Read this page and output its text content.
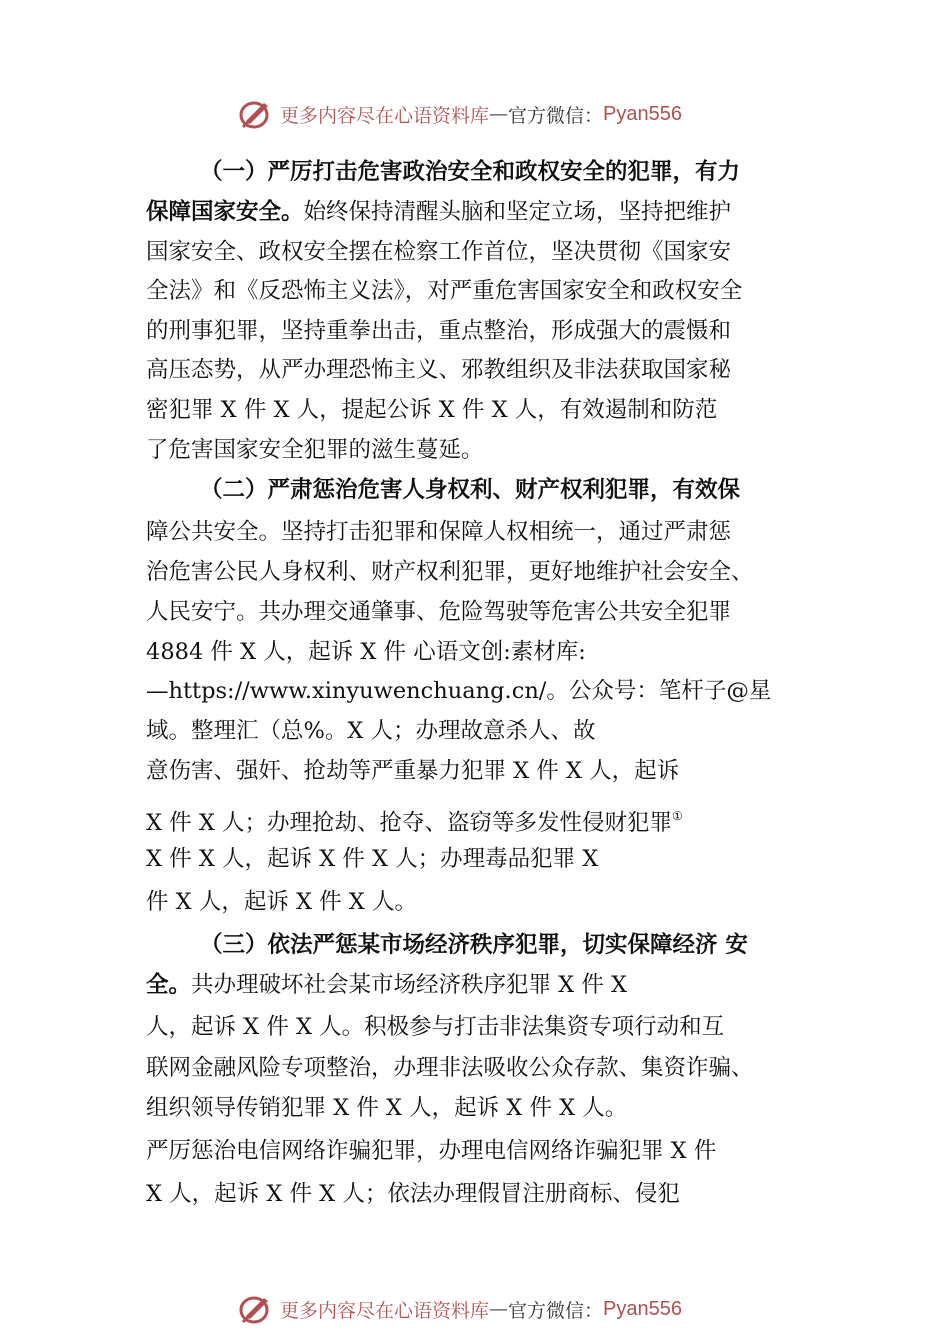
更多内容尽在心语资料库 — 官方微信： Pyan556
（一）严厉打击危害政治安全和政权安全的犯罪，有力
保障国家安全。始终保持清醒头脑和坚定立场，坚持把维护
国家安全、政权安全摆在检察工作首位，坚决贯彻《国家安
全法》和《反恐怖主义法》，对严重危害国家安全和政权安全
的刑事犯罪，坚持重拳出击，重点整治，形成强大的震慑和
高压态势，从严办理恐怖主义、邪教组织及非法获取国家秘
密犯罪 X 件 X 人，提起公诉 X 件 X 人，有效遏制和防范
了危害国家安全犯罪的滋生蔓延。
（二）严肃惩治危害人身权利、财产权利犯罪，有效保
障公共安全。坚持打击犯罪和保障人权相统一，通过严肃惩
治危害公民人身权利、财产权利犯罪，更好地维护社会安全、
人民安宁。共办理交通肇事、危险驾驶等危害公共安全犯罪
4884 件 X 人，起诉 X 件 心语文创:素材库:
—https://www.xinyuwenchuang.cn/。公众号：笔杆子@星
域。整理汇（总%。X 人；办理故意杀人、故
意伤害、强奸、抢劫等严重暴力犯罪 X 件 X 人，起诉
X 件 X 人；办理抢劫、抢夺、盗窃等多发性侵财犯罪①
X 件 X 人，起诉 X 件 X 人；办理毒品犯罪 X
件 X 人，起诉 X 件 X 人。
（三）依法严惩某市场经济秩序犯罪，切实保障经济 安
全。共办理破坏社会某市场经济秩序犯罪 X 件 X
人，起诉 X 件 X 人。积极参与打击非法集资专项行动和互
联网金融风险专项整治，办理非法吸收公众存款、集资诈骗、
组织领导传销犯罪 X 件 X 人，起诉 X 件 X 人。
严厉惩治电信网络诈骗犯罪，办理电信网络诈骗犯罪 X 件
X 人，起诉 X 件 X 人；依法办理假冒注册商标、侵犯
更多内容尽在心语资料库 — 官方微信： Pyan556
